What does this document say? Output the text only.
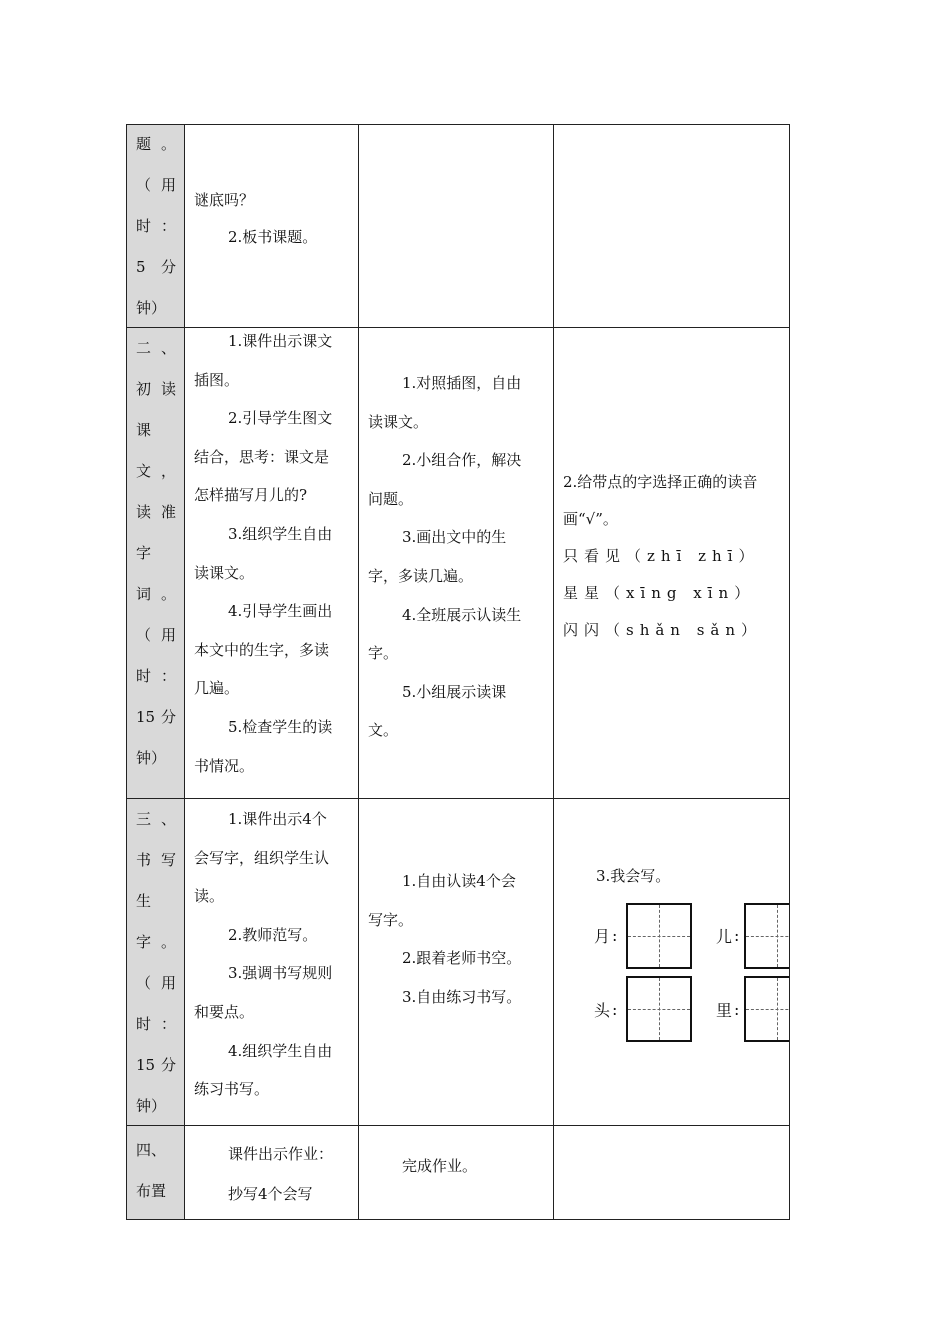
题 。
（ 用
时 ：
5 分
钟）
二 、
初 读
课
文 ，
读 准
字
词 。
（ 用
时 ：
15 分
钟）
三 、
书 写
生
字 。
（ 用
时 ：
15 分
钟）
四、
布置

谜底吗？

2.板书课题。

1.课件出示课文

插图。

2.引导学生图文

结合，思考：课文是

怎样描写月儿的?

3.组织学生自由

读课文。

4.引导学生画出

本文中的生字，多读

几遍。

5.检查学生的读

书情况。

1.对照插图，自由

读课文。

2.小组合作，解决

问题。

3.画出文中的生

字，多读几遍。

4.全班展示认读生

字。

5.小组展示读课

文。

2.给带点的字选择正确的读音

画“√”。

只看见（zhī zhī）

星星（xīng xīn）

闪闪（shǎn sǎn）

1.课件出示4个

会写字，组织学生认

读。

2.教师范写。

3.强调书写规则

和要点。

4.组织学生自由

练习书写。

1.自由认读4个会

写字。

2.跟着老师书空。

3.自由练习书写。

3.我会写。

月 :	儿 :
头 :	里 :

课件出示作业：

抄写4个会写

完成作业。
